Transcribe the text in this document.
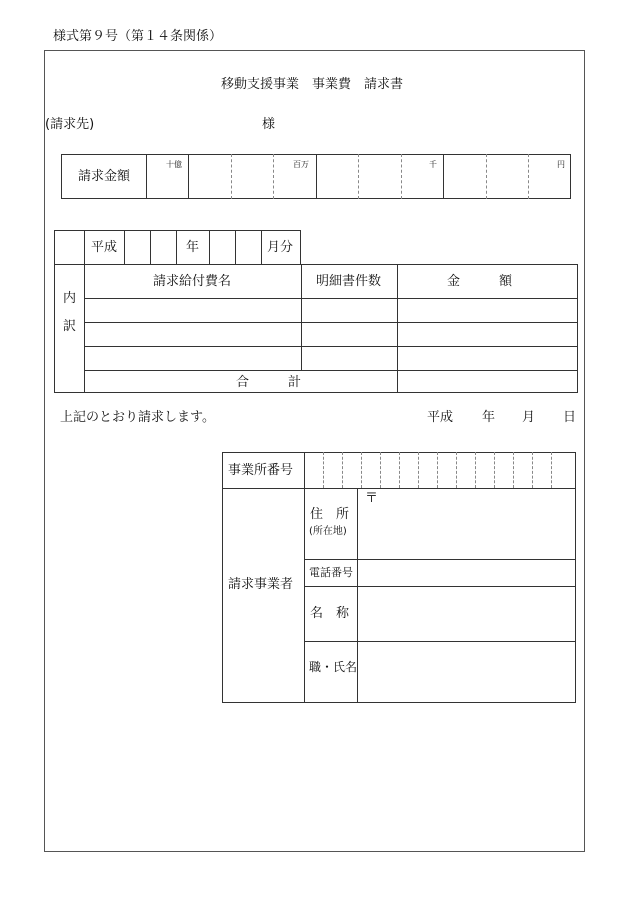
様式第９号（第１４条関係）
移動支援事業　事業費　請求書
(請求先)	様
請求金額
十億	百万	千	円
平成	年	月分
内
訳
請求給付費名	明細書件数	金　　　額
合	計
上記のとおり請求します。	平成 年 月 日
事業所番号
請求事業者
住 所
(所在地)
〒
電話番号
名 称
職・氏名
